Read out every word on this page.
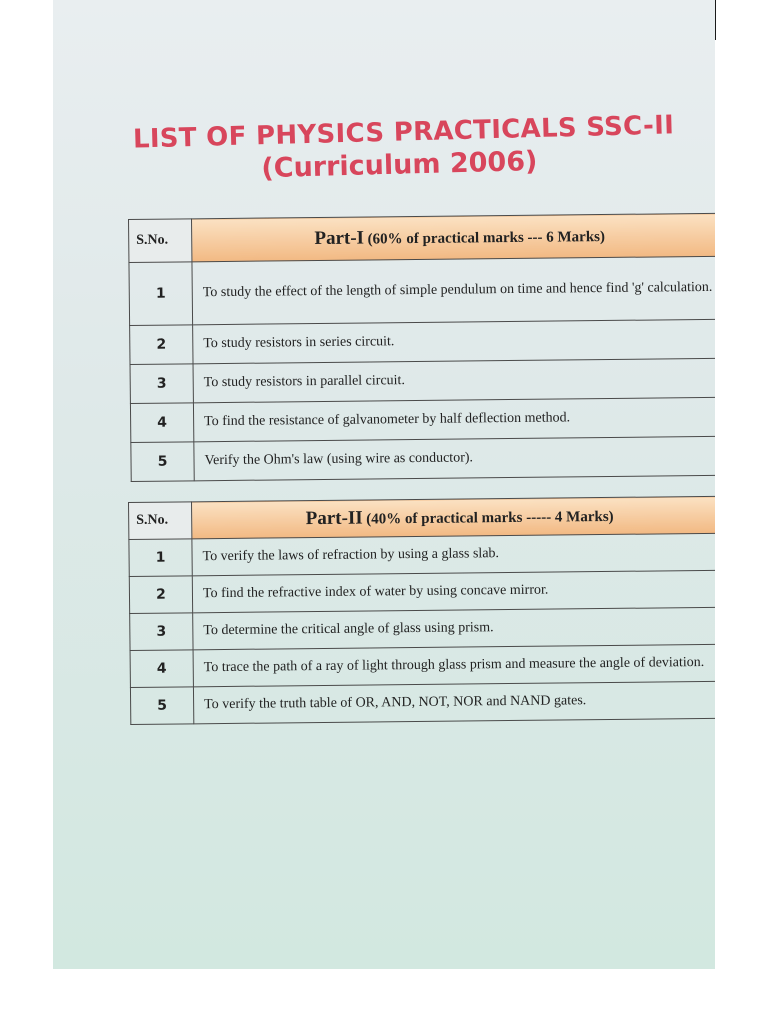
LIST OF PHYSICS PRACTICALS SSC-II
(Curriculum 2006)
S.No.	Part-I (60% of practical marks --- 6 Marks)
1	To study the effect of the length of simple pendulum on time and hence find 'g' calculation.
2	To study resistors in series circuit.
3	To study resistors in parallel circuit.
4	To find the resistance of galvanometer by half deflection method.
5	Verify the Ohm's law (using wire as conductor).
S.No.	Part-II (40% of practical marks ----- 4 Marks)
1	To verify the laws of refraction by using a glass slab.
2	To find the refractive index of water by using concave mirror.
3	To determine the critical angle of glass using prism.
4	To trace the path of a ray of light through glass prism and measure the angle of deviation.
5	To verify the truth table of OR, AND, NOT, NOR and NAND gates.
